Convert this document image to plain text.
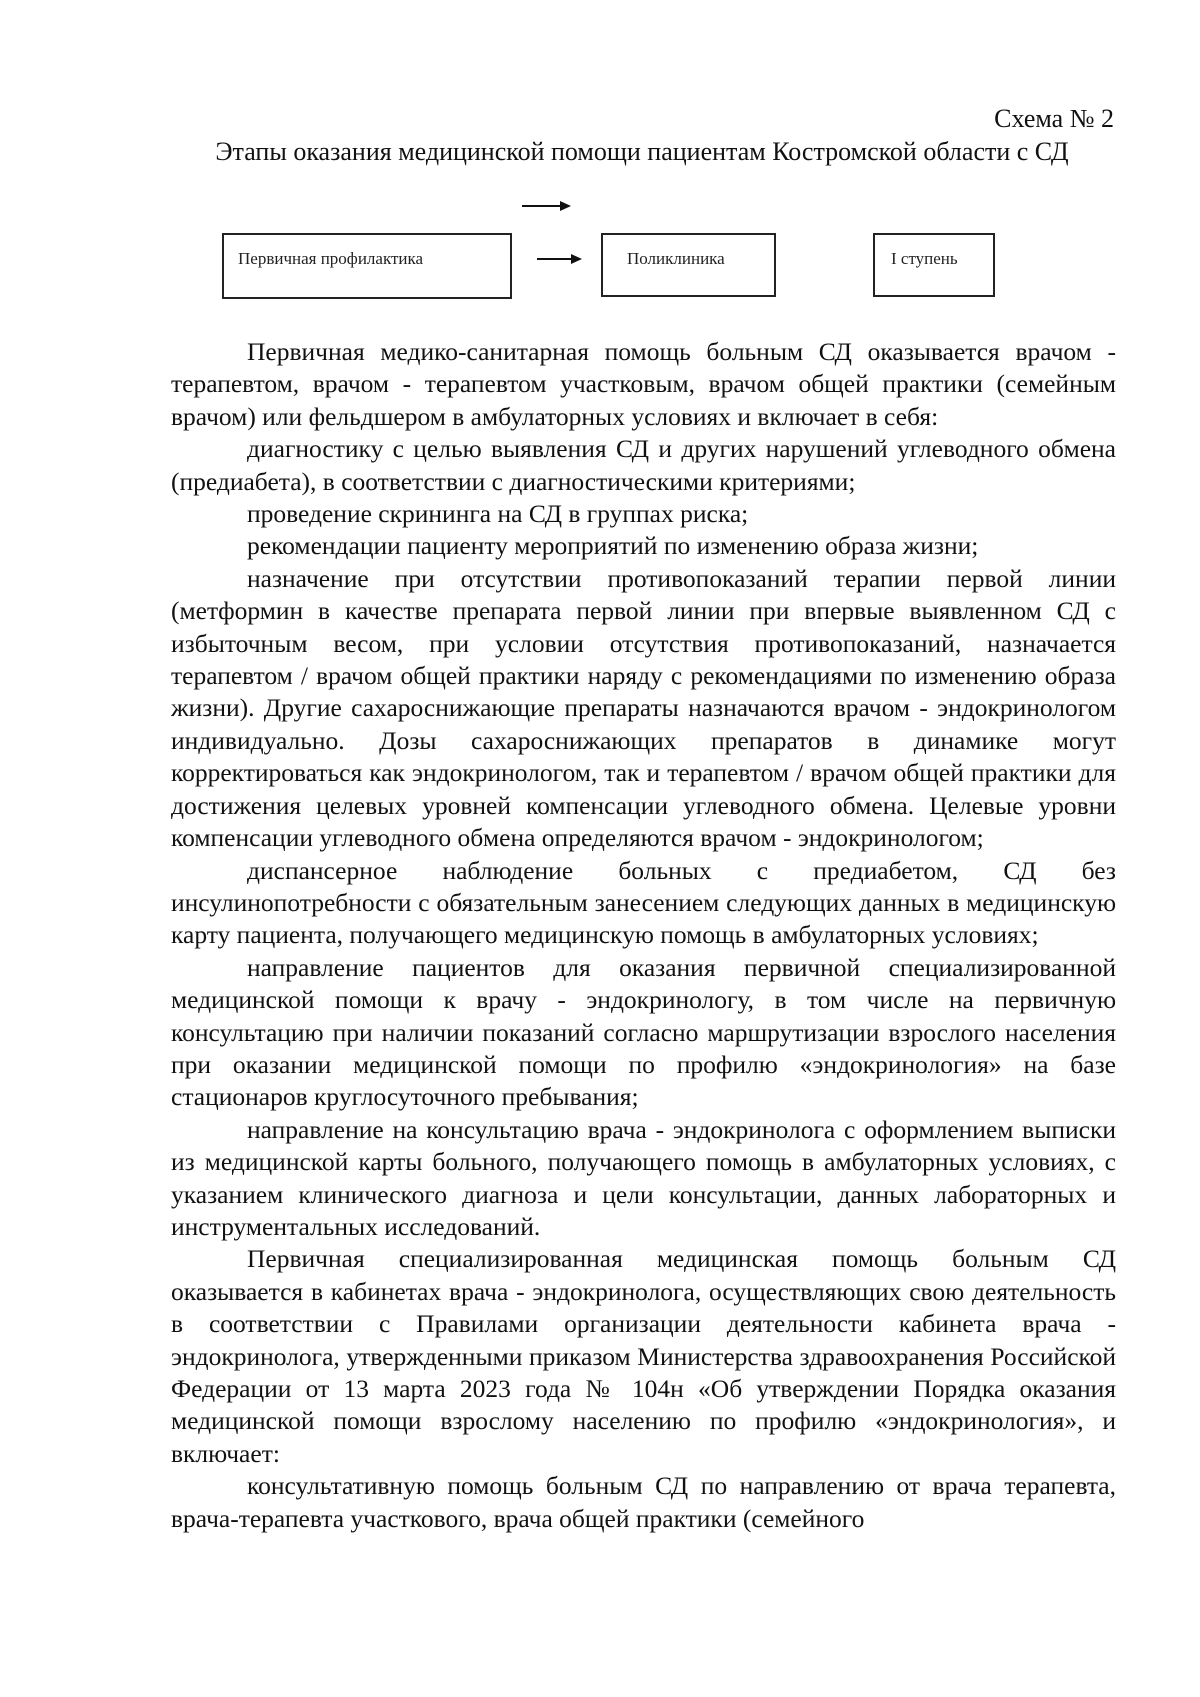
Схема № 2
Этапы оказания медицинской помощи пациентам Костромской области с СД
Первичная профилактика	Поликлиника	I ступень

Первичная медико-санитарная помощь больным СД оказывается врачом - терапевтом, врачом - терапевтом участковым, врачом общей практики (семейным врачом) или фельдшером в амбулаторных условиях и включает в себя:

диагностику с целью выявления СД и других нарушений углеводного обмена (предиабета), в соответствии с диагностическими критериями;

проведение скрининга на СД в группах риска;

рекомендации пациенту мероприятий по изменению образа жизни;

назначение при отсутствии противопоказаний терапии первой линии (метформин в качестве препарата первой линии при впервые выявленном СД с избыточным весом, при условии отсутствия противопоказаний, назначается терапевтом / врачом общей практики наряду с рекомендациями по изменению образа жизни). Другие сахароснижающие препараты назначаются врачом - эндокринологом индивидуально. Дозы сахароснижающих препаратов в динамике могут корректироваться как эндокринологом, так и терапевтом / врачом общей практики для достижения целевых уровней компенсации углеводного обмена. Целевые уровни компенсации углеводного обмена определяются врачом - эндокринологом;

диспансерное наблюдение больных с предиабетом, СД без инсулинопотребности с обязательным занесением следующих данных в медицинскую карту пациента, получающего медицинскую помощь в амбулаторных условиях;

направление пациентов для оказания первичной специализированной медицинской помощи к врачу - эндокринологу, в том числе на первичную консультацию при наличии показаний согласно маршрутизации взрослого населения при оказании медицинской помощи по профилю «эндокринология» на базе стационаров круглосуточного пребывания;

направление на консультацию врача - эндокринолога с оформлением выписки из медицинской карты больного, получающего помощь в амбулаторных условиях, с указанием клинического диагноза и цели консультации, данных лабораторных и инструментальных исследований.

Первичная специализированная медицинская помощь больным СД оказывается в кабинетах врача - эндокринолога, осуществляющих свою деятельность в соответствии с Правилами организации деятельности кабинета врача - эндокринолога, утвержденными приказом Министерства здравоохранения Российской Федерации от 13 марта 2023 года № 104н «Об утверждении Порядка оказания медицинской помощи взрослому населению по профилю «эндокринология», и включает:

консультативную помощь больным СД по направлению от врача терапевта, врача-терапевта участкового, врача общей практики (семейного
